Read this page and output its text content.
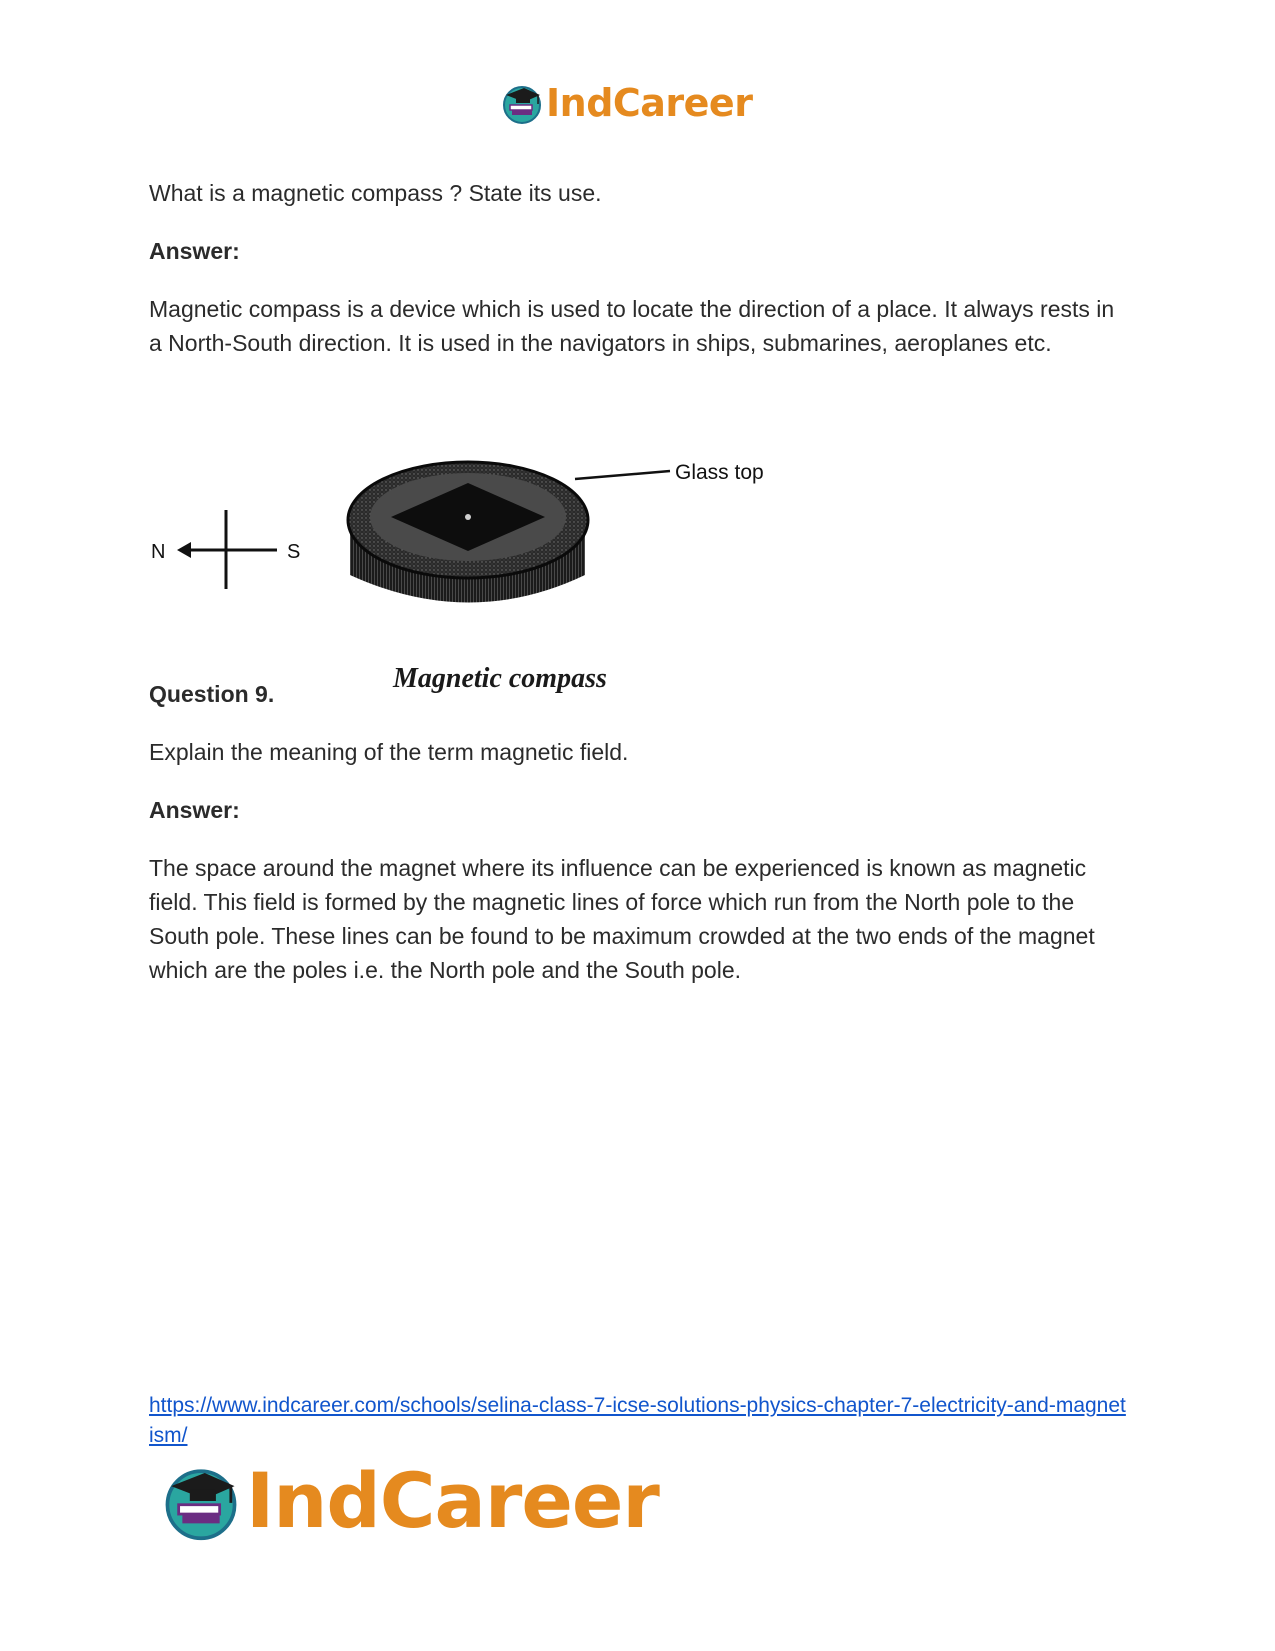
IndCareer

What is a magnetic compass ? State its use.

Answer:

Magnetic compass is a device which is used to locate the direction of a place. It always rests in a North-South direction. It is used in the navigators in ships, submarines, aeroplanes etc.

Question 9.

Explain the meaning of the term magnetic field.

Answer:

The space around the magnet where its influence can be experienced is known as magnetic field. This field is formed by the magnetic lines of force which run from the North pole to the South pole. These lines can be found to be maximum crowded at the two ends of the magnet which are the poles i.e. the North pole and the South pole.

N	S
Glass top
Magnetic compass
https://www.indcareer.com/schools/selina-class-7-icse-solutions-physics-chapter-7-electricity-and-magnetism/
IndCareer
